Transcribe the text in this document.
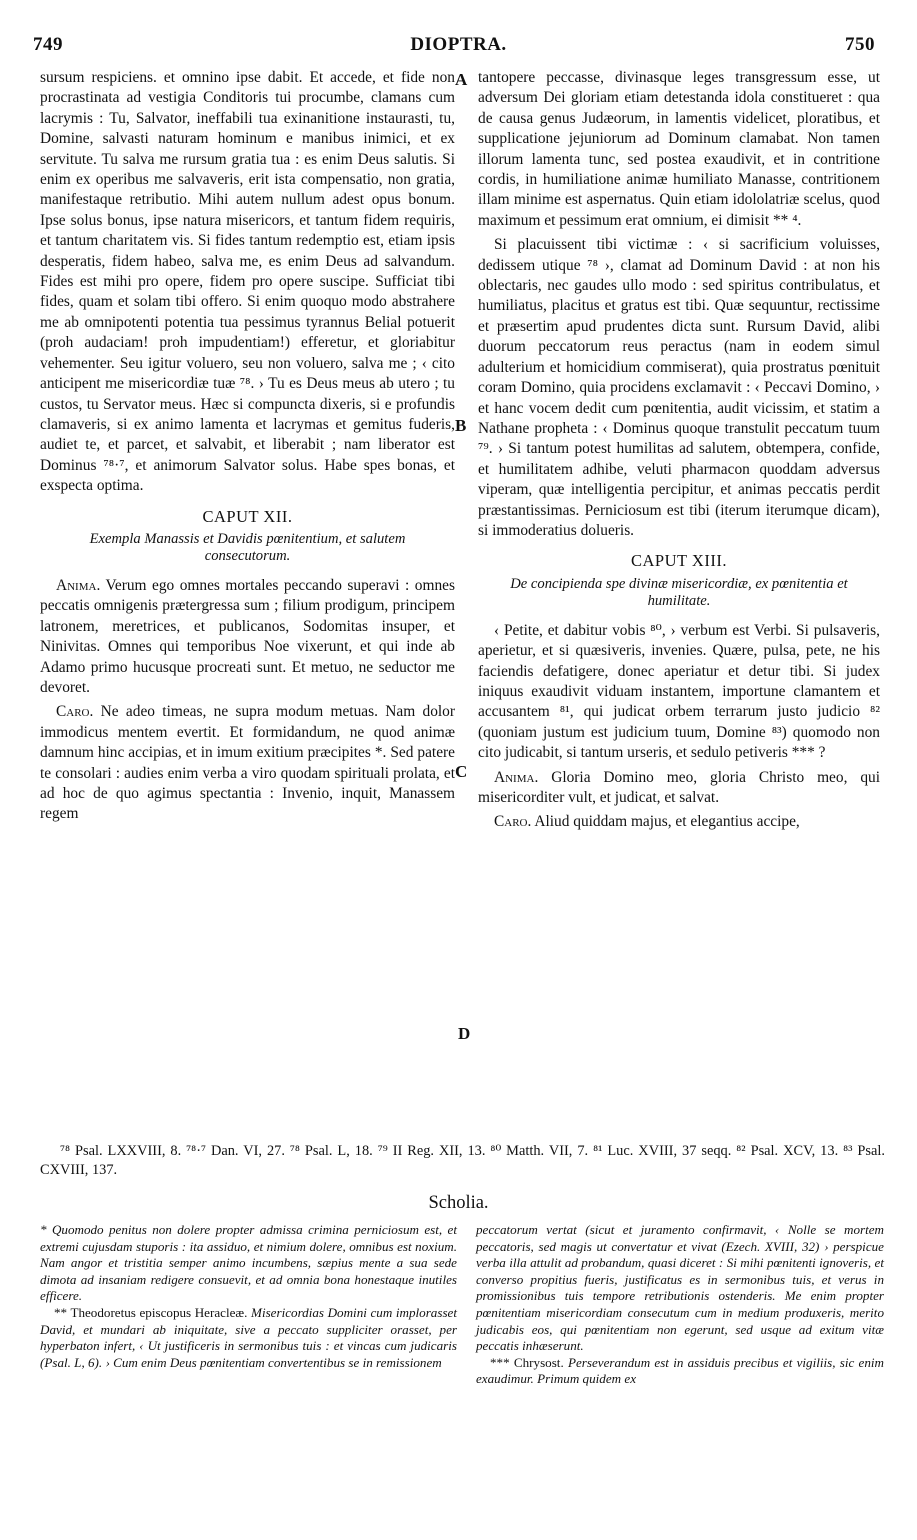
749	DIOPTRA.	750
A
B
C
D

sursum respiciens. et omnino ipse dabit. Et accede, et fide non procrastinata ad vestigia Conditoris tui procumbe, clamans cum lacrymis : Tu, Salvator, ineffabili tua exinanitione instaurasti, tu, Domine, salvasti naturam hominum e manibus inimici, et ex servitute. Tu salva me rursum gratia tua : es enim Deus salutis. Si enim ex operibus me salvaveris, erit ista compensatio, non gratia, manifestaque retributio. Mihi autem nullum adest opus bonum. Ipse solus bonus, ipse natura misericors, et tantum fidem requiris, et tantum charitatem vis. Si fides tantum redemptio est, etiam ipsis desperatis, fidem habeo, salva me, es enim Deus ad salvandum. Fides est mihi pro opere, fidem pro opere suscipe. Sufficiat tibi fides, quam et solam tibi offero. Si enim quoquo modo abstrahere me ab omnipotenti potentia tua pessimus tyrannus Belial potuerit (proh audaciam! proh impudentiam!) efferetur, et gloriabitur vehementer. Seu igitur voluero, seu non voluero, salva me ; ‹ cito anticipent me misericordiæ tuæ ⁷⁸. › Tu es Deus meus ab utero ; tu custos, tu Servator meus. Hæc si compuncta dixeris, si e profundis clamaveris, si ex animo lamenta et lacrymas et gemitus fuderis, audiet te, et parcet, et salvabit, et liberabit ; nam liberator est Dominus ⁷⁸·⁷, et animorum Salvator solus. Habe spes bonas, et exspecta optima.

CAPUT XII.
Exempla Manassis et Davidis pœnitentium, et salutem consecutorum.

Anima. Verum ego omnes mortales peccando superavi : omnes peccatis omnigenis prætergressa sum ; filium prodigum, principem latronem, meretrices, et publicanos, Sodomitas insuper, et Ninivitas. Omnes qui temporibus Noe vixerunt, et qui inde ab Adamo primo hucusque procreati sunt. Et metuo, ne seductor me devoret.

Caro. Ne adeo timeas, ne supra modum metuas. Nam dolor immodicus mentem evertit. Et formidandum, ne quod animæ damnum hinc accipias, et in imum exitium præcipites *. Sed patere te consolari : audies enim verba a viro quodam spirituali prolata, et ad hoc de quo agimus spectantia : Invenio, inquit, Manassem regem

tantopere peccasse, divinasque leges transgressum esse, ut adversum Dei gloriam etiam detestanda idola constitueret : qua de causa genus Judæorum, in lamentis videlicet, ploratibus, et supplicatione jejuniorum ad Dominum clamabat. Non tamen illorum lamenta tunc, sed postea exaudivit, et in contritione cordis, in humiliatione animæ humiliato Manasse, contritionem illam minime est aspernatus. Quin etiam idololatriæ scelus, quod maximum et pessimum erat omnium, ei dimisit ** ⁴.

Si placuissent tibi victimæ : ‹ si sacrificium voluisses, dedissem utique ⁷⁸ ›, clamat ad Dominum David : at non his oblectaris, nec gaudes ullo modo : sed spiritus contribulatus, et humiliatus, placitus et gratus est tibi. Quæ sequuntur, rectissime et præsertim apud prudentes dicta sunt. Rursum David, alibi duorum peccatorum reus peractus (nam in eodem simul adulterium et homicidium commiserat), quia prostratus pœnituit coram Domino, quia procidens exclamavit : ‹ Peccavi Domino, › et hanc vocem dedit cum pœnitentia, audit vicissim, et statim a Nathane propheta : ‹ Dominus quoque transtulit peccatum tuum ⁷⁹. › Si tantum potest humilitas ad salutem, obtempera, confide, et humilitatem adhibe, veluti pharmacon quoddam adversus viperam, quæ intelligentia percipitur, et animas peccatis perdit præstantissimas. Perniciosum est tibi (iterum iterumque dicam), si immoderatius dolueris.

CAPUT XIII.
De concipienda spe divinæ misericordiæ, ex pœnitentia et humilitate.

‹ Petite, et dabitur vobis ⁸⁰, › verbum est Verbi. Si pulsaveris, aperietur, et si quæsiveris, invenies. Quære, pulsa, pete, ne his faciendis defatigere, donec aperiatur et detur tibi. Si judex iniquus exaudivit viduam instantem, importune clamantem et accusantem ⁸¹, qui judicat orbem terrarum justo judicio ⁸² (quoniam justum est judicium tuum, Domine ⁸³) quomodo non cito judicabit, si tantum urseris, et sedulo petiveris *** ?

Anima. Gloria Domino meo, gloria Christo meo, qui misericorditer vult, et judicat, et salvat.

Caro. Aliud quiddam majus, et elegantius accipe,

⁷⁸ Psal. LXXVIII, 8. ⁷⁸·⁷ Dan. VI, 27. ⁷⁸ Psal. L, 18. ⁷⁹ II Reg. XII, 13. ⁸⁰ Matth. VII, 7. ⁸¹ Luc. XVIII, 37 seqq. ⁸² Psal. XCV, 13. ⁸³ Psal. CXVIII, 137.

Scholia.

* Quomodo penitus non dolere propter admissa crimina perniciosum est, et extremi cujusdam stuporis : ita assiduo, et nimium dolere, omnibus est noxium. Nam angor et tristitia semper animo incumbens, sæpius mente a sua sede dimota ad insaniam redigere consuevit, et ad omnia bona honestaque inutiles efficere.

** Theodoretus episcopus Heracleæ. Misericordias Domini cum implorasset David, et mundari ab iniquitate, sive a peccato suppliciter orasset, per hyperbaton infert, ‹ Ut justificeris in sermonibus tuis : et vincas cum judicaris (Psal. L, 6). › Cum enim Deus pœnitentiam convertentibus se in remissionem

peccatorum vertat (sicut et juramento confirmavit, ‹ Nolle se mortem peccatoris, sed magis ut convertatur et vivat (Ezech. XVIII, 32) › perspicue verba illa attulit ad probandum, quasi diceret : Si mihi pœnitenti ignoveris, et converso propitius fueris, justificatus es in sermonibus tuis, et verus in promissionibus tuis tempore retributionis ostenderis. Me enim propter pœnitentiam misericordiam consecutum cum in medium produxeris, merito judicabis eos, qui pœnitentiam non egerunt, sed usque ad exitum vitæ peccatis inhæserunt.

*** Chrysost. Perseverandum est in assiduis precibus et vigiliis, sic enim exaudimur. Primum quidem ex
